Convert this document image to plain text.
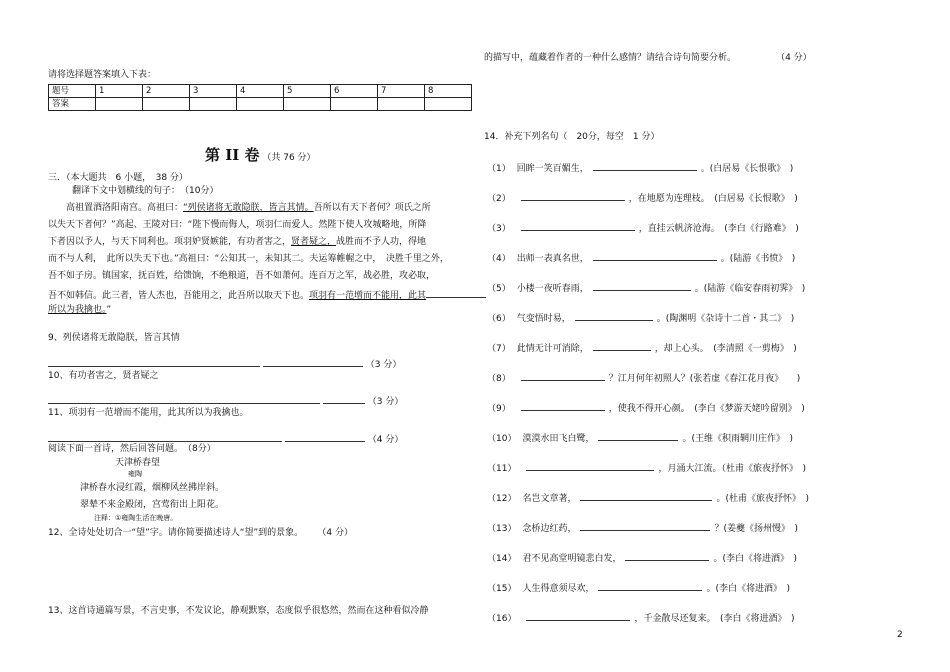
请将选择题答案填入下表：
题号	1	2	3	4	5	6	7	8
答案								
第 II 卷 （共 76 分）
三．（本大题共　6 小题，　38 分）
翻译下文中划横线的句子：　（10分）
高祖置酒洛阳南宫。高祖曰：“列侯诸将无敢隐朕，皆言其情。吾所以有天下者何？项氏之所
以失天下者何？”高起、王陵对曰：“陛下慢而侮人，项羽仁而爱人。然陛下使人攻城略地，所降
下者因以予人，与天下同利也。项羽妒贤嫉能，有功者害之，贤者疑之，战胜而不予人功，得地
而不与人利，　此所以失天下也。”高祖曰：“公知其一，未知其二。夫运筹帷幄之中，　决胜千里之外，
吾不如子房。镇国家，抚百姓，给馈饷，不绝粮道，吾不如萧何。连百万之军，战必胜，攻必取，
吾不如韩信。此三者，皆人杰也，吾能用之，此吾所以取天下也。项羽有一范增而不能用，此其
所以为我擒也。”
9、列侯诸将无敢隐朕，皆言其情
（3 分）
10、有功者害之，贤者疑之
（3 分）
11、项羽有一范增而不能用，此其所以为我擒也。
（4 分）
阅读下面一首诗，然后回答问题。　（8分）
天津桥春望
雍陶
津桥春水浸红霞，烟柳风丝拂岸斜。
翠辇不来金殿闭，宫莺衔出上阳花。
注释：①雍陶生活在晚唐。
12、全诗处处切合一“望”字。请你简要描述诗人“望”到的景象。 （4 分）
13、这首诗通篇写景，不言史事，不发议论，静观默察，态度似乎很悠然，然而在这种看似冷静
的描写中，蕴藏着作者的一种什么感情？请结合诗句简要分析。	（4 分）
14．补充下列名句（　20分，每空　1 分）
（1） 回眸一笑百媚生，	。(白居易《长恨歌》　)
（2）	，在地愿为连理枝。　(白居易《长恨歌》　)
（3）	，直挂云帆济沧海。　(李白《行路难》　)
（4） 出师一表真名世，	。(陆游《书愤》　)
（5） 小楼一夜听春雨，	。(陆游《临安春雨初霁》　)
（6） 气变悟时易，	。(陶渊明《杂诗十二首・其二》　)
（7） 此情无计可消除，	，却上心头。　(李清照《一剪梅》　)
（8）	？江月何年初照人？(张若虚《春江花月夜》　　)
（9）	，使我不得开心颜。　(李白《梦游天姥吟留别》　)
（10） 漠漠水田飞白鹭，	。(王维《积雨辋川庄作》　)
（11）	，月涌大江流。（杜甫《旅夜抒怀》　)
（12） 名岂文章著，	。(杜甫《旅夜抒怀》　)
（13） 念桥边红药，	？(姜夔《扬州慢》　)
（14） 君不见高堂明镜悲白发，	。(李白《将进酒》　)
（15） 人生得意须尽欢，	。(李白《将进酒》　)
（16）	，千金散尽还复来。　(李白《将进酒》　)
2
